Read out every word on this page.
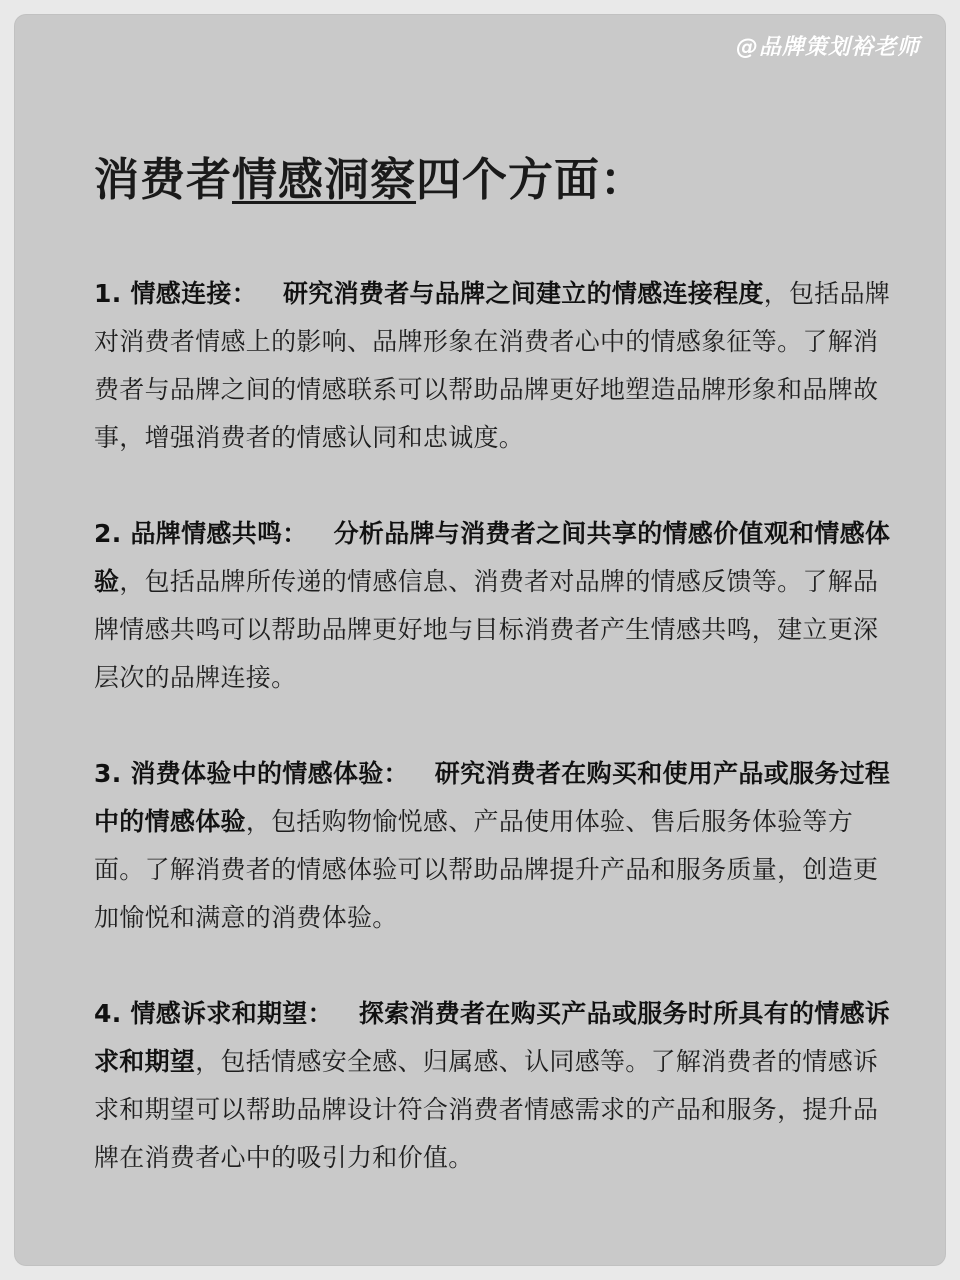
@品牌策划裕老师
消费者情感洞察四个方面：

1. 情感连接： 研究消费者与品牌之间建立的情感连接程度，包括品牌对消费者情感上的影响、品牌形象在消费者心中的情感象征等。了解消费者与品牌之间的情感联系可以帮助品牌更好地塑造品牌形象和品牌故事，增强消费者的情感认同和忠诚度。

2. 品牌情感共鸣： 分析品牌与消费者之间共享的情感价值观和情感体验，包括品牌所传递的情感信息、消费者对品牌的情感反馈等。了解品牌情感共鸣可以帮助品牌更好地与目标消费者产生情感共鸣，建立更深层次的品牌连接。

3. 消费体验中的情感体验： 研究消费者在购买和使用产品或服务过程中的情感体验，包括购物愉悦感、产品使用体验、售后服务体验等方面。了解消费者的情感体验可以帮助品牌提升产品和服务质量，创造更加愉悦和满意的消费体验。

4. 情感诉求和期望： 探索消费者在购买产品或服务时所具有的情感诉求和期望，包括情感安全感、归属感、认同感等。了解消费者的情感诉求和期望可以帮助品牌设计符合消费者情感需求的产品和服务，提升品牌在消费者心中的吸引力和价值。
